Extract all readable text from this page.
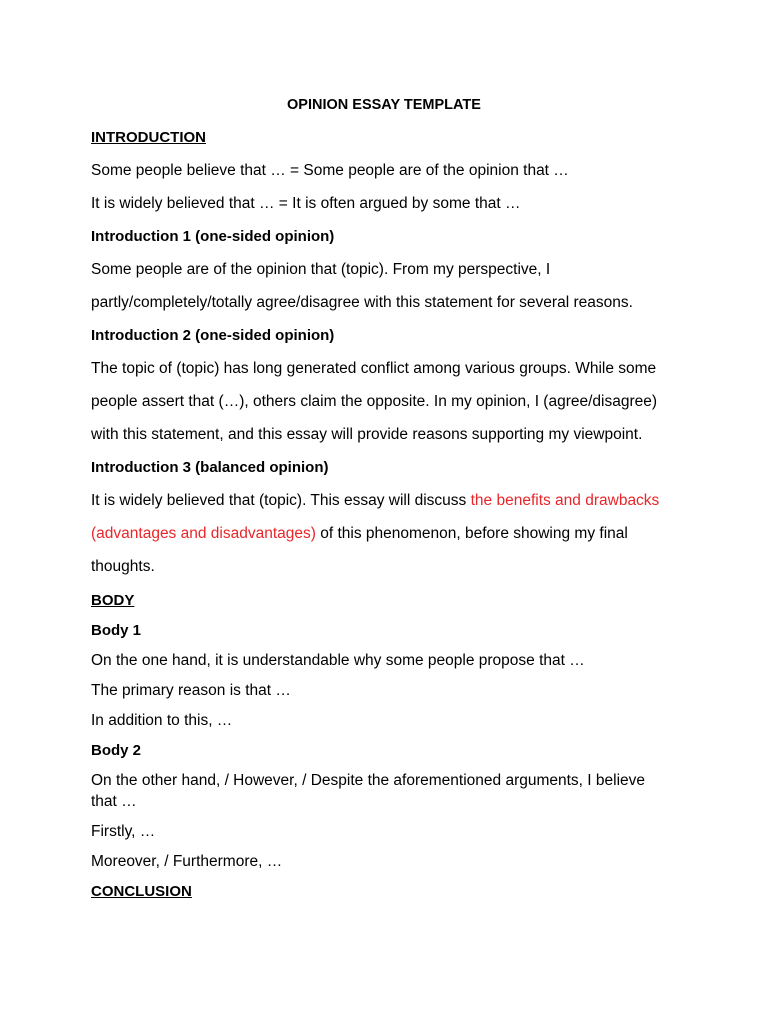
OPINION ESSAY TEMPLATE
INTRODUCTION
Some people believe that … = Some people are of the opinion that …
It is widely believed that … = It is often argued by some that …
Introduction 1 (one-sided opinion)
Some people are of the opinion that (topic). From my perspective, I
partly/completely/totally agree/disagree with this statement for several reasons.
Introduction 2 (one-sided opinion)
The topic of (topic) has long generated conflict among various groups. While some
people assert that (…), others claim the opposite. In my opinion, I (agree/disagree)
with this statement, and this essay will provide reasons supporting my viewpoint.
Introduction 3 (balanced opinion)
It is widely believed that (topic). This essay will discuss the benefits and drawbacks
(advantages and disadvantages) of this phenomenon, before showing my final
thoughts.
BODY
Body 1
On the one hand, it is understandable why some people propose that …
The primary reason is that …
In addition to this, …
Body 2
On the other hand, / However, / Despite the aforementioned arguments, I believe
that …
Firstly, …
Moreover, / Furthermore, …
CONCLUSION
